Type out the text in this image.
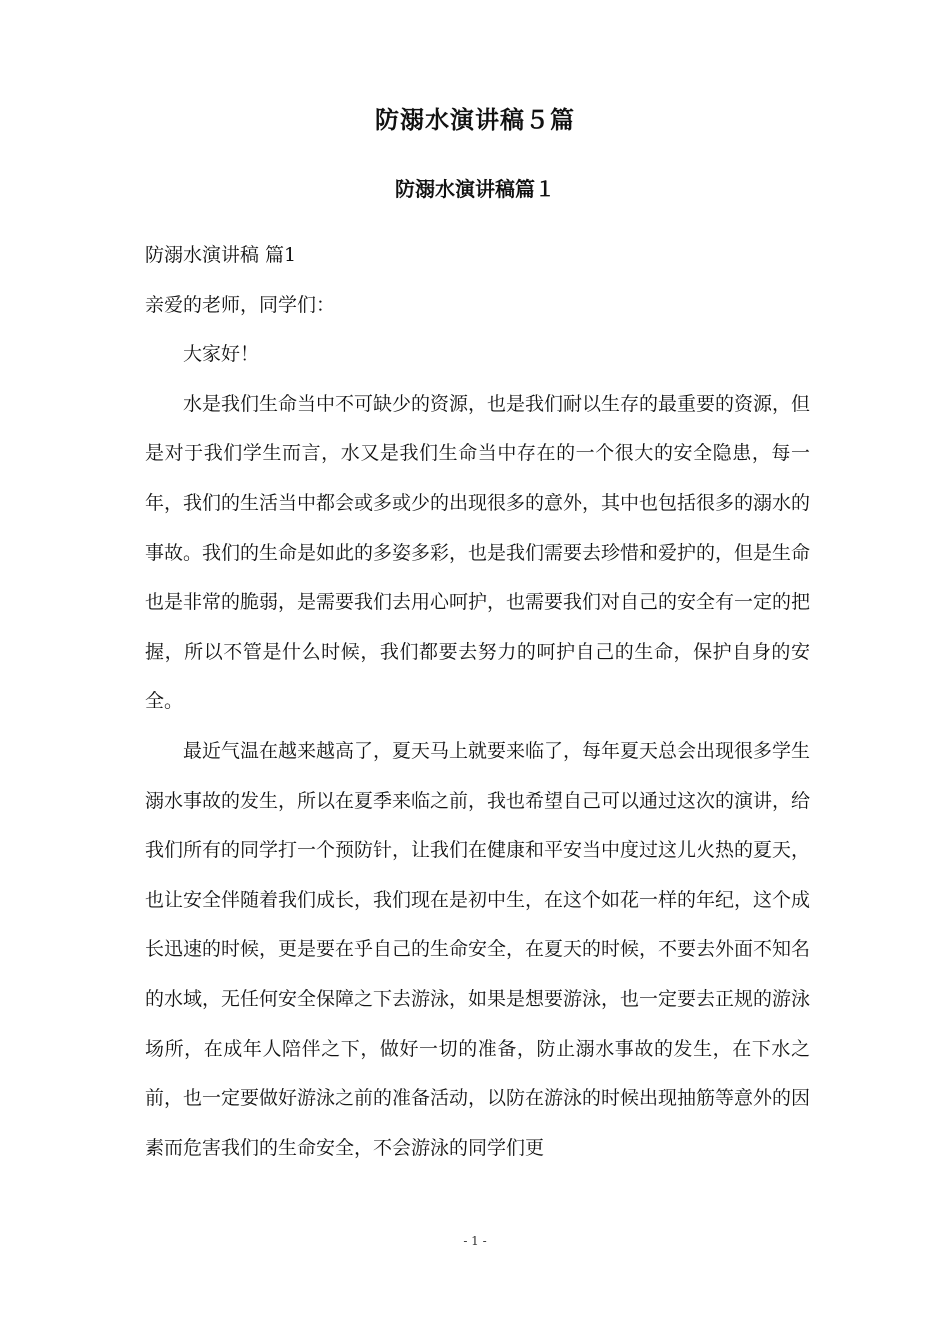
防溺水演讲稿５篇
防溺水演讲稿篇１

防溺水演讲稿 篇1

亲爱的老师，同学们：

大家好！

水是我们生命当中不可缺少的资源，也是我们耐以生存的最重要的资源，但是对于我们学生而言，水又是我们生命当中存在的一个很大的安全隐患，每一年，我们的生活当中都会或多或少的出现很多的意外，其中也包括很多的溺水的事故。我们的生命是如此的多姿多彩，也是我们需要去珍惜和爱护的，但是生命也是非常的脆弱，是需要我们去用心呵护，也需要我们对自己的安全有一定的把握，所以不管是什么时候，我们都要去努力的呵护自己的生命，保护自身的安全。

最近气温在越来越高了，夏天马上就要来临了，每年夏天总会出现很多学生溺水事故的发生，所以在夏季来临之前，我也希望自己可以通过这次的演讲，给我们所有的同学打一个预防针，让我们在健康和平安当中度过这儿火热的夏天，也让安全伴随着我们成长，我们现在是初中生，在这个如花一样的年纪，这个成长迅速的时候，更是要在乎自己的生命安全，在夏天的时候，不要去外面不知名的水域，无任何安全保障之下去游泳，如果是想要游泳，也一定要去正规的游泳场所，在成年人陪伴之下，做好一切的准备，防止溺水事故的发生，在下水之前，也一定要做好游泳之前的准备活动，以防在游泳的时候出现抽筋等意外的因素而危害我们的生命安全，不会游泳的同学们更

- 1 -
